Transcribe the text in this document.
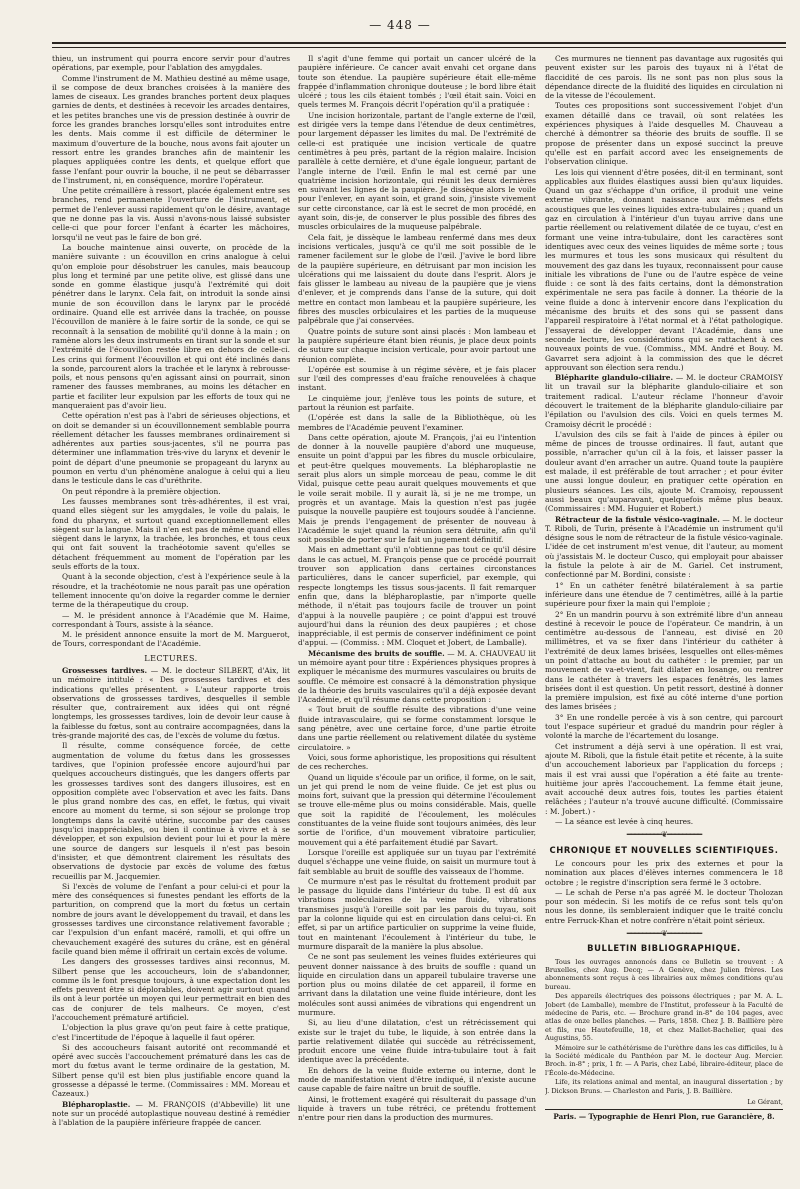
— 448 —

thieu, un instrument qui pourra encore servir pour d'autres opérations, par exemple, pour l'ablation des amygdales.

Comme l'instrument de M. Mathieu destiné au même usage, il se compose de deux branches croisées à la manière des lames de ciseaux. Les grandes branches portent deux plaques garnies de dents, et destinées à recevoir les arcades dentaires, et les petites branches une vis de pression destinée à ouvrir de force les grandes branches lorsqu'elles sont introduites entre les dents. Mais comme il est difficile de déterminer le maximum d'ouverture de la bouche, nous avons fait ajouter un ressort entre les grandes branches afin de maintenir les plaques appliquées contre les dents, et quelque effort que fasse l'enfant pour ouvrir la bouche, il ne peut se débarrasser de l'instrument, ni, en conséquence, mordre l'opérateur.

Une petite crémaillère à ressort, placée également entre ses branches, rend permanente l'ouverture de l'instrument, et permet de l'enlever aussi rapidement qu'on le désire, avantage que ne donne pas la vis. Aussi n'avons-nous laissé subsister celle-ci que pour forcer l'enfant à écarter les mâchoires, lorsqu'il ne veut pas le faire de bon gré.

La bouche maintenue ainsi ouverte, on procède de la manière suivante : un écouvillon en crins analogue à celui qu'on emploie pour désobstruer les canules, mais beaucoup plus long et terminé par une petite olive, est glissé dans une sonde en gomme élastique jusqu'à l'extrémité qui doit pénétrer dans le larynx. Cela fait, on introduit la sonde ainsi munie de son écouvillon dans le larynx par le procédé ordinaire. Quand elle est arrivée dans la trachée, on pousse l'écouvillon de manière à le faire sortir de la sonde, ce qui se reconnaît à la sensation de mobilité qu'il donne à la main ; on ramène alors les deux instruments en tirant sur la sonde et sur l'extrémité de l'écouvillon restée libre en dehors de celle-ci. Les crins qui forment l'écouvillon et qui ont été inclinés dans la sonde, parcourent alors la trachée et le larynx à rebrousse-poils, et nous pensons qu'en agissant ainsi on pourrait, sinon ramener des fausses membranes, au moins les détacher en partie et faciliter leur expulsion par les efforts de toux qui ne manqueraient pas d'avoir lieu.

Cette opération n'est pas à l'abri de sérieuses objections, et on doit se demander si un écouvillonnement semblable pourra réellement détacher les fausses membranes ordinairement si adhérentes aux parties sous-jacentes, s'il ne pourra pas déterminer une inflammation très-vive du larynx et devenir le point de départ d'une pneumonie se propageant du larynx au poumon en vertu d'un phénomène analogue à celui qui a lieu dans le testicule dans le cas d'uréthrite.

On peut répondre à la première objection.

Les fausses membranes sont très-adhérentes, il est vrai, quand elles siègent sur les amygdales, le voile du palais, le fond du pharynx, et surtout quand exceptionnellement elles siègent sur la langue. Mais il n'en est pas de même quand elles siègent dans le larynx, la trachée, les bronches, et tous ceux qui ont fait souvent la trachéotomie savent qu'elles se détachent fréquemment au moment de l'opération par les seuls efforts de la toux.

Quant à la seconde objection, c'est à l'expérience seule à la résoudre, et la trachéotomie ne nous paraît pas une opération tellement innocente qu'on doive la regarder comme le dernier terme de la thérapeutique du croup.

— M. le président annonce à l'Académie que M. Haime, correspondant à Tours, assiste à la séance.

M. le président annonce ensuite la mort de M. Marguerot, de Tours, correspondant de l'Académie.

LECTURES.

Grossesses tardives. — M. le docteur SILBERT, d'Aix, lit un mémoire intitulé : « Des grossesses tardives et des indications qu'elles présentent. » L'auteur rapporte trois observations de grossesses tardives, desquelles il semble résulter que, contrairement aux idées qui ont régné longtemps, les grossesses tardives, loin de devoir leur cause à la faiblesse du fœtus, sont au contraire accompagnées, dans la très-grande majorité des cas, de l'excès de volume du fœtus.

Il résulte, comme conséquence forcée, de cette augmentation de volume du fœtus dans les grossesses tardives, que l'opinion professée encore aujourd'hui par quelques accoucheurs distingués, que les dangers offerts par les grossesses tardives sont des dangers illusoires, est en opposition complète avec l'observation et avec les faits. Dans le plus grand nombre des cas, en effet, le fœtus, qui vivait encore au moment du terme, si son séjour se prolonge trop longtemps dans la cavité utérine, succombe par des causes jusqu'ici inappréciables, ou bien il continue à vivre et à se développer, et son expulsion devient pour lui et pour la mère une source de dangers sur lesquels il n'est pas besoin d'insister, et que démontrent clairement les résultats des observations de dystocie par excès de volume des fœtus recueillis par M. Jacquemier.

Si l'excès de volume de l'enfant a pour celui-ci et pour la mère des conséquences si funestes pendant les efforts de la parturition, on comprend que la mort du fœtus un certain nombre de jours avant le développement du travail, et dans les grossesses tardives une circonstance relativement favorable ; car l'expulsion d'un enfant macéré, ramolli, et qui offre un chevauchement exagéré des sutures du crâne, est en général facile quand bien même il offrirait un certain excès de volume.

Les dangers des grossesses tardives ainsi reconnus, M. Silbert pense que les accoucheurs, loin de s'abandonner, comme ils le font presque toujours, à une expectation dont les effets peuvent être si déplorables, doivent agir surtout quand ils ont à leur portée un moyen qui leur permettrait en bien des cas de conjurer de tels malheurs. Ce moyen, c'est l'accouchement prématuré artificiel.

L'objection la plus grave qu'on peut faire à cette pratique, c'est l'incertitude de l'époque à laquelle il faut opérer.

Si des accoucheurs faisant autorité ont recommandé et opéré avec succès l'accouchement prématuré dans les cas de mort du fœtus avant le terme ordinaire de la gestation, M. Silbert pense qu'il est bien plus justifiable encore quand la grossesse a dépassé le terme. (Commissaires : MM. Moreau et Cazeaux.)

Blépharoplastie. — M. FRANÇOIS (d'Abbeville) lit une note sur un procédé autoplastique nouveau destiné à remédier à l'ablation de la paupière inférieure frappée de cancer.

Il s'agit d'une femme qui portait un cancer ulcéré de la paupière inférieure. Ce cancer avait envahi cet organe dans toute son étendue. La paupière supérieure était elle-même frappée d'inflammation chronique douteuse ; le bord libre était ulcéré ; tous les cils étaient tombés ; l'œil était sain. Voici en quels termes M. François décrit l'opération qu'il a pratiquée :

Une incision horizontale, partant de l'angle externe de l'œil, est dirigée vers la tempe dans l'étendue de deux centimètres, pour largement dépasser les limites du mal. De l'extrémité de celle-ci est pratiquée une incision verticale de quatre centimètres à peu près, partant de la région malaire. Incision parallèle à cette dernière, et d'une égale longueur, partant de l'angle interne de l'œil. Enfin le mal est cerné par une quatrième incision horizontale, qui réunit les deux dernières en suivant les lignes de la paupière. Je dissèque alors le voile pour l'enlever, en ayant soin, et grand soin, j'insiste vivement sur cette circonstance, car là est le secret de mon procédé, en ayant soin, dis-je, de conserver le plus possible des fibres des muscles orbiculaires de la muqueuse palpébrale.

Cela fait, je dissèque le lambeau renfermé dans mes deux incisions verticales, jusqu'à ce qu'il me soit possible de le ramener facilement sur le globe de l'œil. J'avive le bord libre de la paupière supérieure, en détruisant par mon incision les ulcérations qui me laissaient du doute dans l'esprit. Alors je fais glisser le lambeau au niveau de la paupière que je viens d'enlever, et je comprends dans l'anse de la suture, qui doit mettre en contact mon lambeau et la paupière supérieure, les fibres des muscles orbiculaires et les parties de la muqueuse palpébrale que j'ai conservées.

Quatre points de suture sont ainsi placés : Mon lambeau et la paupière supérieure étant bien réunis, je place deux points de suture sur chaque incision verticale, pour avoir partout une réunion complète.

L'opérée est soumise à un régime sévère, et je fais placer sur l'œil des compresses d'eau fraîche renouvelées à chaque instant.

Le cinquième jour, j'enlève tous les points de suture, et partout la réunion est parfaite.

(L'opérée est dans la salle de la Bibliothèque, où les membres de l'Académie peuvent l'examiner.

Dans cette opération, ajoute M. François, j'ai eu l'intention de donner à la nouvelle paupière d'abord une muqueuse, ensuite un point d'appui par les fibres du muscle orbiculaire, et peut-être quelques mouvements. La blépharoplastie ne serait plus alors un simple morceau de peau, comme le dit Vidal, puisque cette peau aurait quelques mouvements et que le voile serait mobile. Il y aurait là, si je ne me trompe, un progrès et un avantage. Mais la question n'est pas jugée puisque la nouvelle paupière est toujours soudée à l'ancienne. Mais je prends l'engagement de présenter de nouveau à l'Académie le sujet quand la réunion sera détruite, afin qu'il soit possible de porter sur le fait un jugement définitif.

Mais en admettant qu'il n'obtienne pas tout ce qu'il désire dans le cas actuel, M. François pense que ce procédé pourrait trouver son application dans certaines circonstances particulières, dans le cancer superficiel, par exemple, qui respecte longtemps les tissus sous-jacents. Il fait remarquer enfin que, dans la blépharoplastie, par n'importe quelle méthode, il n'était pas toujours facile de trouver un point d'appui à la nouvelle paupière ; ce point d'appui est trouvé aujourd'hui dans la réunion des deux paupières ; et chose inappréciable, il est permis de conserver indéfiniment ce point d'appui. — (Commiss. : MM. Cloquet et Jobert, de Lamballe).

Mécanisme des bruits de souffle. — M. A. CHAUVEAU lit un mémoire ayant pour titre : Expériences physiques propres à expliquer le mécanisme des murmures vasculaires ou bruits de souffle. Ce mémoire est consacré à la démonstration physique de la théorie des bruits vasculaires qu'il a déjà exposée devant l'Académie, et qu'il résume dans cette proposition :

« Tout bruit de souffle résulte des vibrations d'une veine fluide intravasculaire, qui se forme constamment lorsque le sang pénètre, avec une certaine force, d'une partie étroite dans une partie réellement ou relativement dilatée du système circulatoire. »

Voici, sous forme aphoristique, les propositions qui résultent de ces recherches.

Quand un liquide s'écoule par un orifice, il forme, on le sait, un jet qui prend le nom de veine fluide. Ce jet est plus ou moins fort, suivant que la pression qui détermine l'écoulement se trouve elle-même plus ou moins considérable. Mais, quelle que soit la rapidité de l'écoulement, les molécules constituantes de la veine fluide sont toujours animées, dès leur sortie de l'orifice, d'un mouvement vibratoire particulier, mouvement qui a été parfaitement étudié par Savart.

Lorsque l'oreille est appliquée sur un tuyau par l'extrémité duquel s'échappe une veine fluide, on saisit un murmure tout à fait semblable au bruit de souffle des vaisseaux de l'homme.

Ce murmure n'est pas le résultat du frottement produit par le passage du liquide dans l'intérieur du tube. Il est dû aux vibrations moléculaires de la veine fluide, vibrations transmises jusqu'à l'oreille soit par les parois du tuyau, soit par la colonne liquide qui est en circulation dans celui-ci. En effet, si par un artifice particulier on supprime la veine fluide, tout en maintenant l'écoulement à l'intérieur du tube, le murmure disparaît de la manière la plus absolue.

Ce ne sont pas seulement les veines fluides extérieures qui peuvent donner naissance à des bruits de souffle : quand un liquide en circulation dans un appareil tubulaire traverse une portion plus ou moins dilatée de cet appareil, il forme en arrivant dans la dilatation une veine fluide intérieure, dont les molécules sont aussi animées de vibrations qui engendrent un murmure.

Si, au lieu d'une dilatation, c'est un rétrécissement qui existe sur le trajet du tube, le liquide, à son entrée dans la partie relativement dilatée qui succède au rétrécissement, produit encore une veine fluide intra-tubulaire tout à fait identique avec la précédente.

En dehors de la veine fluide externe ou interne, dont le mode de manifestation vient d'être indiqué, il n'existe aucune cause capable de faire naître un bruit de souffle.

Ainsi, le frottement exagéré qui résulterait du passage d'un liquide à travers un tube rétréci, ce prétendu frottement n'entre pour rien dans la production des murmures.

Ces murmures ne tiennent pas davantage aux rugosités qui peuvent exister sur les parois des tuyaux ni à l'état de flaccidité de ces parois. Ils ne sont pas non plus sous la dépendance directe de la fluidité des liquides en circulation ni de la vitesse de l'écoulement.

Toutes ces propositions sont successivement l'objet d'un examen détaillé dans ce travail, où sont relatées les expériences physiques à l'aide desquelles M. Chauveau a cherché à démontrer sa théorie des bruits de souffle. Il se propose de présenter dans un exposé succinct la preuve qu'elle est en parfait accord avec les enseignements de l'observation clinique.

Les lois qui viennent d'être posées, dit-il en terminant, sont applicables aux fluides élastiques aussi bien qu'aux liquides. Quand un gaz s'échappe d'un orifice, il produit une veine externe vibrante, donnant naissance aux mêmes effets acoustiques que les veines liquides extra-tubulaires ; quand un gaz en circulation à l'intérieur d'un tuyau arrive dans une partie réellement ou relativement dilatée de ce tuyau, c'est en formant une veine intra-tubulaire, dont les caractères sont identiques avec ceux des veines liquides de même sorte ; tous les murmures et tous les sons musicaux qui résultent du mouvement des gaz dans les tuyaux, reconnaissent pour cause initiale les vibrations de l'une ou de l'autre espèce de veine fluide : ce sont là des faits certains, dont la démonstration expérimentale ne sera pas facile à donner. La théorie de la veine fluide a donc à intervenir encore dans l'explication du mécanisme des bruits et des sons qui se passent dans l'appareil respiratoire à l'état normal et à l'état pathologique. J'essayerai de développer devant l'Académie, dans une seconde lecture, les considérations qui se rattachent à ces nouveaux points de vue. (Commiss., MM. André et Bouy. M. Gavarret sera adjoint à la commission des que le décret approuvant son élection sera rendu.)

Blépharite glandulo-ciliaire. — M. le docteur CRAMOISY lit un travail sur la blépharite glandulo-ciliaire et son traitement radical. L'auteur réclame l'honneur d'avoir découvert le traitement de la blépharite glandulo-ciliaire par l'épilation ou l'avulsion des cils. Voici en quels termes M. Cramoisy décrit le procédé :

L'avulsion des cils se fait à l'aide de pinces à épiler ou même de pinces de trousse ordinaires. Il faut, autant que possible, n'arracher qu'un cil à la fois, et laisser passer la douleur avant d'en arracher un autre. Quand toute la paupière est malade, il est préférable de tout arracher ; et pour éviter une aussi longue douleur, en pratiquer cette opération en plusieurs séances. Les cils, ajoute M. Cramoisy, repoussent aussi beaux qu'auparavant, quelquefois même plus beaux. (Commissaires : MM. Huguier et Robert.)

Rétracteur de la fistule vésico-vaginale. — M. le docteur T. Riboli, de Turin, présente à l'Académie un instrument qu'il désigne sous le nom de rétracteur de la fistule vésico-vaginale. L'idée de cet instrument m'est venue, dit l'auteur, au moment où j'assistais M. le docteur Cusco, qui employait pour abaisser la fistule la pelote à air de M. Gariel. Cet instrument, confectionné par M. Bordini, consiste :

1° En un cathéter fenêtré bilatéralement à sa partie inférieure dans une étendue de 7 centimètres, aillé à la partie supérieure pour fixer la main qui l'emploie ;

2° En un mandrin pourvu à son extrémité libre d'un anneau destiné à recevoir le pouce de l'opérateur. Ce mandrin, à un centimètre au-dessous de l'anneau, est divisé en 20 millimètres, et va se fixer dans l'intérieur du cathéter à l'extrémité de deux lames brisées, lesquelles ont elles-mêmes un point d'attache au bout du cathéter : le premier, par un mouvement de va-et-vient, fait dilater en losange, ou rentrer dans le cathéter à travers les espaces fenêtrés, les lames brisées dont il est question. Un petit ressort, destiné à donner la première impulsion, est fixé au côté interne d'une portion des lames brisées ;

3° En une rondelle percée à vis à son centre, qui parcourt tout l'espace supérieur et gradué du mandrin pour régler à volonté la marche de l'écartement du losange.

Cet instrument a déjà servi à une opération. Il est vrai, ajoute M. Riboli, que la fistule était petite et récente, à la suite d'un accouchement laborieux par l'application du forceps ; mais il est vrai aussi que l'opération a été faite au trente-huitième jour après l'accouchement. La femme était jeune, avait accouché deux autres fois, toutes les parties étaient relâchées ; l'auteur n'a trouvé aucune difficulté. (Commissaire : M. Jobert.) -

— La séance est levée à cinq heures.

━━━━━━━━━❦━━━━━━━━━
CHRONIQUE ET NOUVELLES SCIENTIFIQUES.

Le concours pour les prix des externes et pour la nomination aux places d'élèves internes commencera le 18 octobre ; le registre d'inscription sera fermé le 3 octobre.

— Le schah de Perse n'a pas agréé M. le docteur Tholozan pour son médecin. Si les motifs de ce refus sont tels qu'on nous les donne, ils sembleraient indiquer que le traité conclu entre Ferruck-Khan et notre confrère n'était point sérieux.

━━━━━━━━━❦━━━━━━━━━
BULLETIN BIBLIOGRAPHIQUE.

Tous les ouvrages annoncés dans ce Bulletin se trouvent : A Bruxelles, chez Aug. Decq; — A Genève, chez Julien frères. Les abonnements sont reçus à ces librairies aux mêmes conditions qu'au bureau.

Des appareils électriques des poissons électriques ; par M. A. L. Jobert (de Lamballe), membre de l'Institut, professeur à la Faculté de médecine de Paris, etc. — Brochure grand in-8° de 104 pages, avec atlas de onze belles planches. — Paris, 1858. Chez J. B. Baillière père et fils, rue Hautefeuille, 18, et chez Mallet-Bachelier, quai des Augustins, 55.

Mémoire sur le cathétérisme de l'urèthre dans les cas difficiles, lu à la Société médicale du Panthéon par M. le docteur Aug. Mercier. Broch. in-8° ; prix, 1 fr. — A Paris, chez Labé, libraire-éditeur, place de l'École-de-Médecine.

Life, its relations animal and mental, an inaugural dissertation ; by J. Dickson Bruns. — Charleston and Paris, J. B. Baillière.

Le Gérant,
Paris. — Typographie de Henri Plon, rue Garancière, 8.
